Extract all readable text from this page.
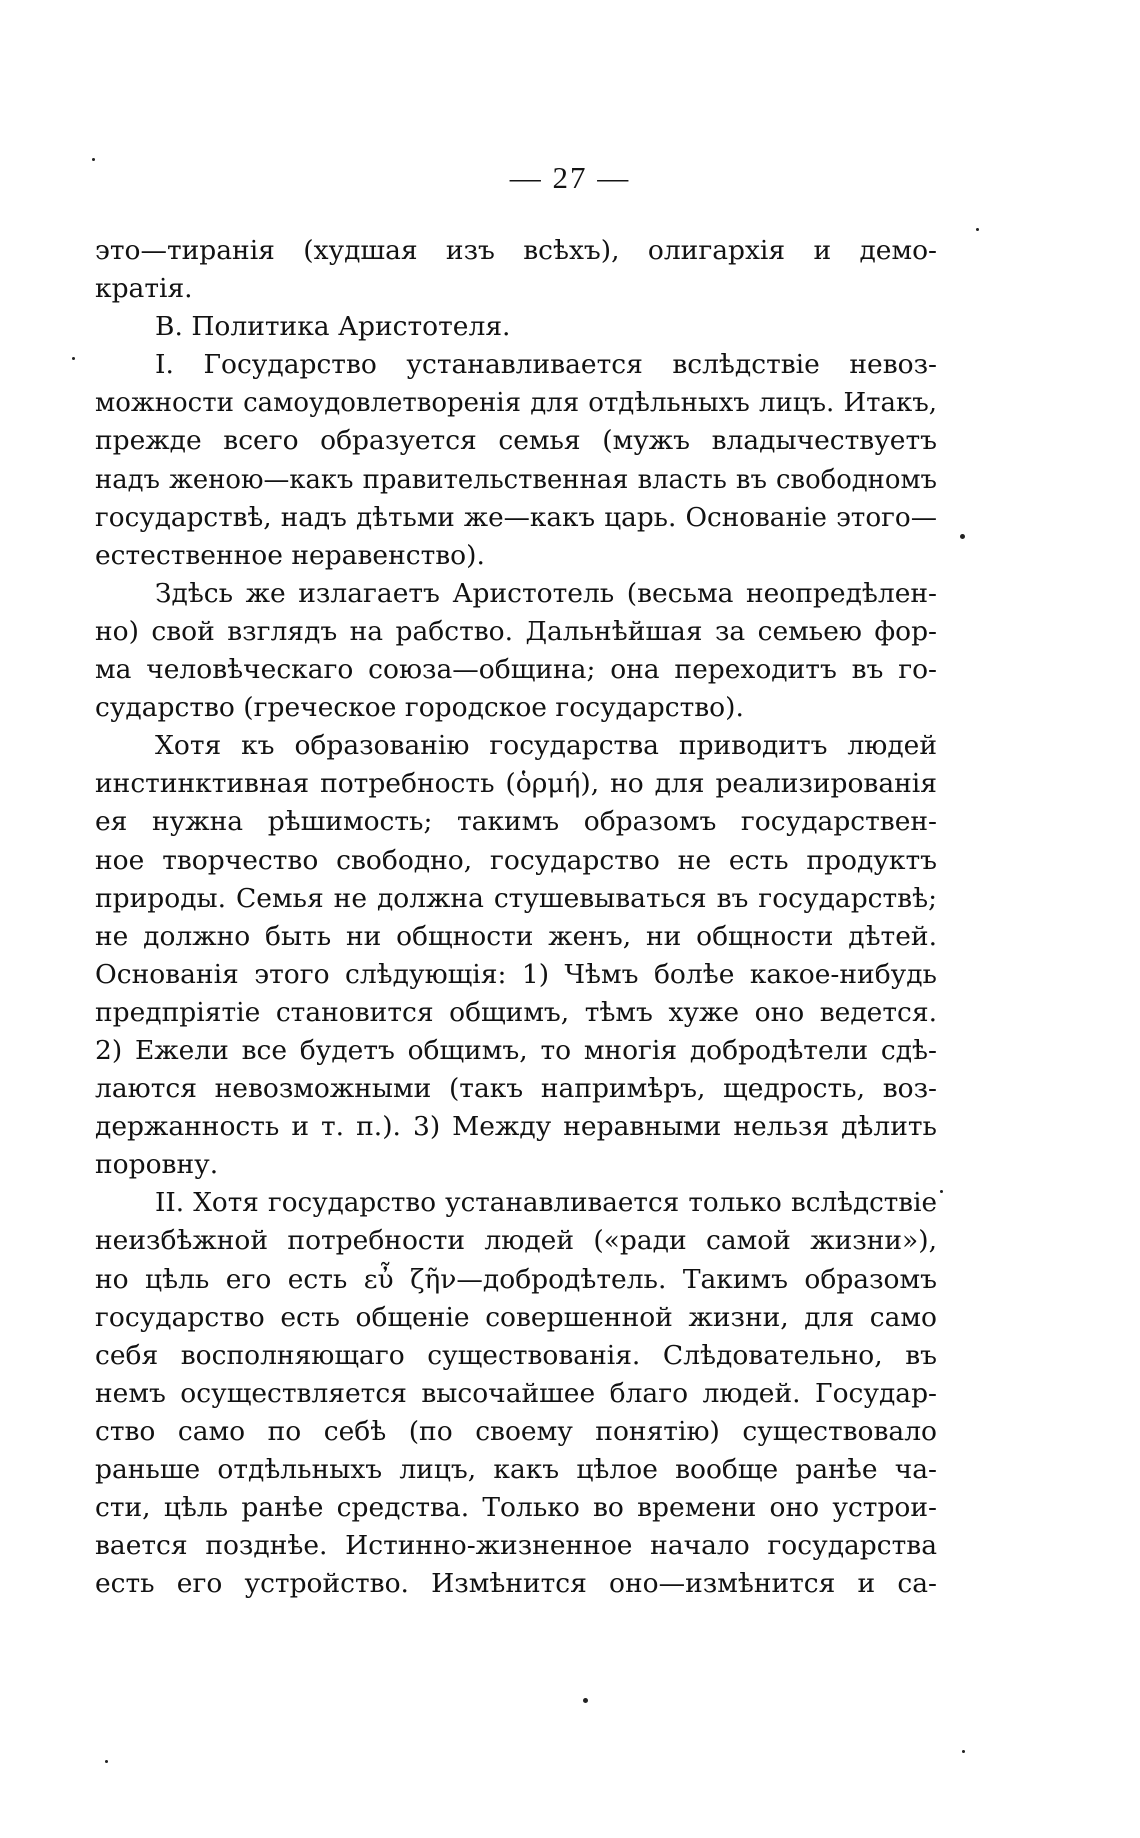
— 27 —
это—тиранія (худшая изъ всѣхъ), олигархія и демо-
кратія.
В. Политика Аристотеля.
I. Государство устанавливается вслѣдствіе невоз-
можности самоудовлетворенія для отдѣльныхъ лицъ. Итакъ,
прежде всего образуется семья (мужъ владычествуетъ
надъ женою—какъ правительственная власть въ свободномъ
государствѣ, надъ дѣтьми же—какъ царь. Основаніе этого—
естественное неравенство).
Здѣсь же излагаетъ Аристотель (весьма неопредѣлен-
но) свой взглядъ на рабство. Дальнѣйшая за семьею фор-
ма человѣческаго союза—община; она переходитъ въ го-
сударство (греческое городское государство).
Хотя къ образованію государства приводитъ людей
инстинктивная потребность (ὁρμή), но для реализированія
ея нужна рѣшимость; такимъ образомъ государствен-
ное творчество свободно, государство не есть продуктъ
природы. Семья не должна стушевываться въ государствѣ;
не должно быть ни общности женъ, ни общности дѣтей.
Основанія этого слѣдующія: 1) Чѣмъ болѣе какое-нибудь
предпріятіе становится общимъ, тѣмъ хуже оно ведется.
2) Ежели все будетъ общимъ, то многія добродѣтели сдѣ-
лаются невозможными (такъ напримѣръ, щедрость, воз-
держанность и т. п.). 3) Между неравными нельзя дѣлить
поровну.
II. Хотя государство устанавливается только вслѣдствіе
неизбѣжной потребности людей («ради самой жизни»),
но цѣль его есть εὖ ζῆν—добродѣтель. Такимъ образомъ
государство есть общеніе совершенной жизни, для само
себя восполняющаго существованія. Слѣдовательно, въ
немъ осуществляется высочайшее благо людей. Государ-
ство само по себѣ (по своему понятію) существовало
раньше отдѣльныхъ лицъ, какъ цѣлое вообще ранѣе ча-
сти, цѣль ранѣе средства. Только во времени оно устрои-
вается позднѣе. Истинно-жизненное начало государства
есть его устройство. Измѣнится оно—измѣнится и са-
